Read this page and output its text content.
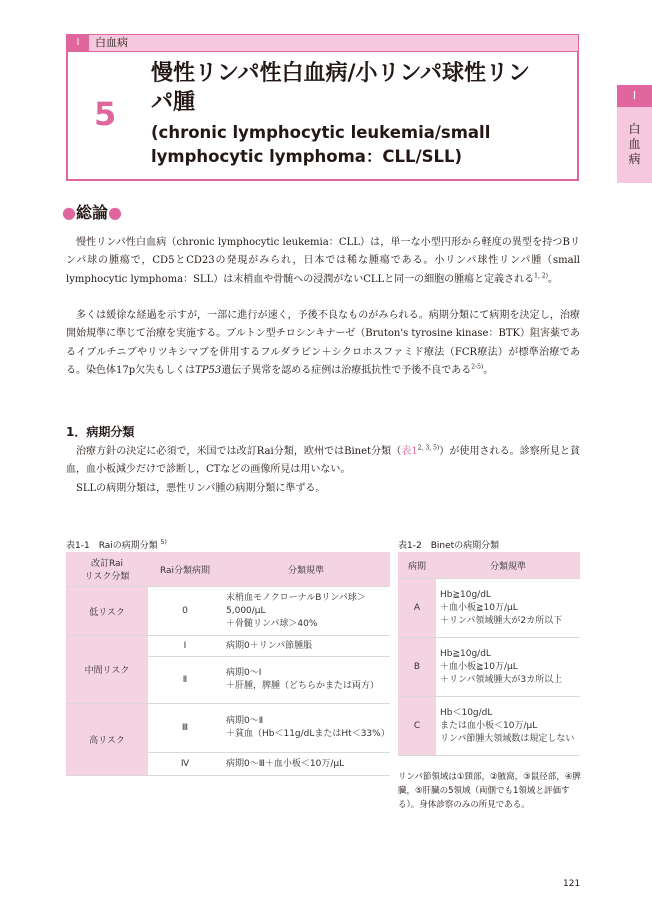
I	白血病
5
慢性リンパ性白血病/小リンパ球性リン
パ腫
(chronic lymphocytic leukemia/small
lymphocytic lymphoma：CLL/SLL)
I
白
血
病
●総論●
慢性リンパ性白血病（chronic lymphocytic leukemia：CLL）は，単一な小型円形から軽度の異型を持つBリンパ球の腫瘍で，CD5とCD23の発現がみられ，日本では稀な腫瘍である。小リンパ球性リンパ腫（small lymphocytic lymphoma：SLL）は末梢血や骨髄への浸潤がないCLLと同一の細胞の腫瘍と定義される$^{1, 2)}$。
多くは緩徐な経過を示すが，一部に進行が速く，予後不良なものがみられる。病期分類にて病期を決定し，治療開始規準に準じて治療を実施する。ブルトン型チロシンキナーゼ（Bruton's tyrosine kinase：BTK）阻害薬であるイブルチニブやリツキシマブを併用するフルダラビン＋シクロホスファミド療法（FCR療法）が標準治療である。染色体17p欠失もしくはTP53遺伝子異常を認める症例は治療抵抗性で予後不良である$^{2-5)}$。
1．病期分類
治療方針の決定に必須で，米国では改訂Rai分類，欧州ではBinet分類（表1$^{2, 3, 5)}$）が使用される。診察所見と貧血，血小板減少だけで診断し，CTなどの画像所見は用いない。
SLLの病期分類は，悪性リンパ腫の病期分類に準ずる。
表1-1　Raiの病期分類 $^{5)}$
改訂Rai
リスク分類	Rai分類病期	分類規準
低リスク	0	末梢血モノクローナルBリンパ球＞5,000/μL
＋骨髄リンパ球＞40%
中間リスク	Ⅰ	病期0＋リンパ節腫脹
	Ⅱ	病期0〜Ⅰ
＋肝腫，脾腫（どちらかまたは両方）
高リスク	Ⅲ	病期0〜Ⅱ
＋貧血（Hb＜11g/dLまたはHt＜33%）
	Ⅳ	病期0〜Ⅲ＋血小板＜10万/μL
表1-2　Binetの病期分類
病期	分類規準
A	Hb≧10g/dL
＋血小板≧10万/μL
＋リンパ領域腫大が2カ所以下
B	Hb≧10g/dL
＋血小板≧10万/μL
＋リンパ領域腫大が3カ所以上
C	Hb＜10g/dL
または血小板＜10万/μL
リンパ節腫大領域数は規定しない
リンパ節領域は①頸部，②腋窩，③鼠径部，④脾臓，⑤肝臓の5領域（両側でも1領域と評価する）。身体診察のみの所見である。
121
